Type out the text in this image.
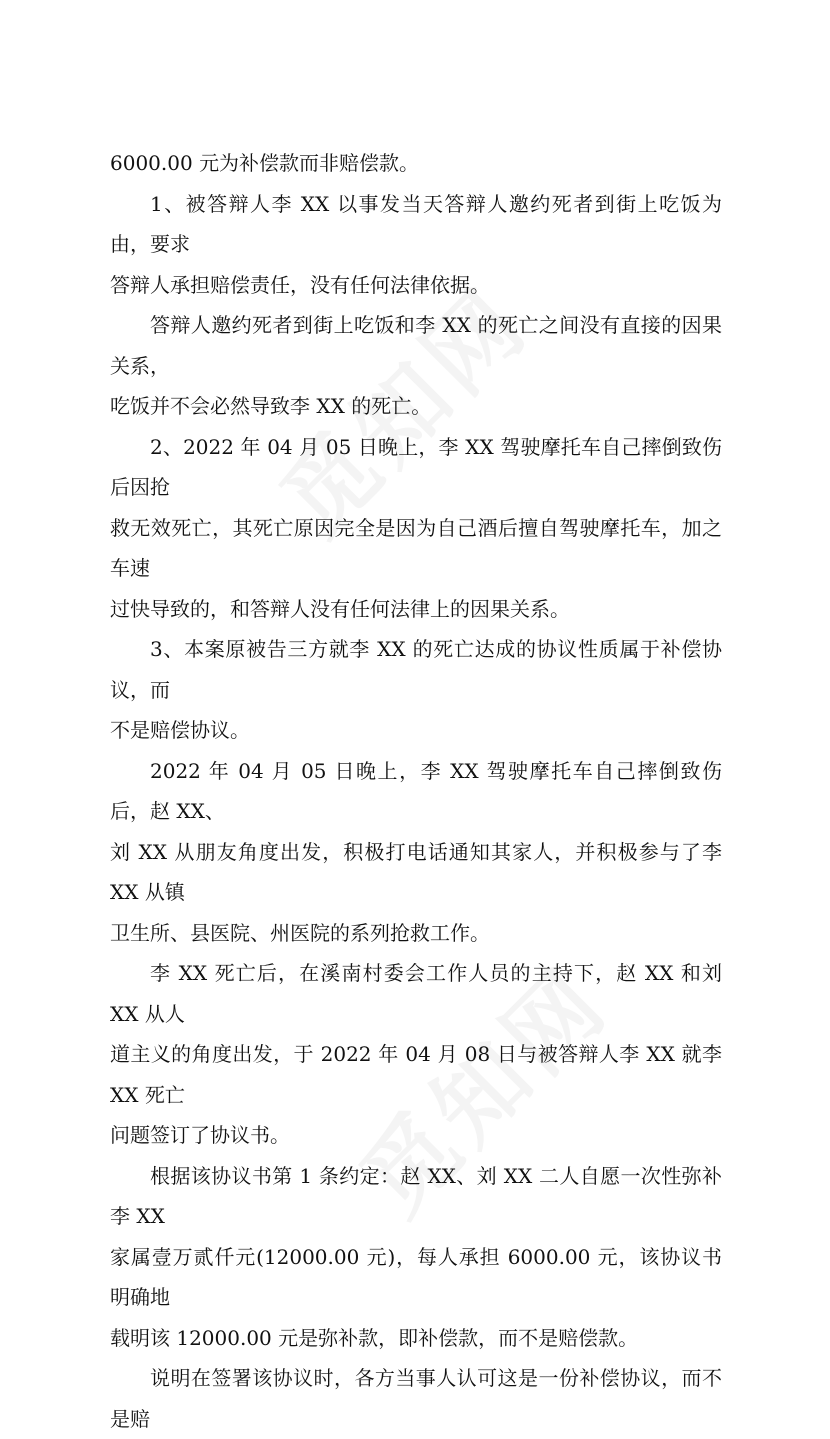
6000.00 元为补偿款而非赔偿款。

1、被答辩人李 XX 以事发当天答辩人邀约死者到街上吃饭为由，要求
答辩人承担赔偿责任，没有任何法律依据。

答辩人邀约死者到街上吃饭和李 XX 的死亡之间没有直接的因果关系，
吃饭并不会必然导致李 XX 的死亡。

2、2022 年 04 月 05 日晚上，李 XX 驾驶摩托车自己摔倒致伤后因抢
救无效死亡，其死亡原因完全是因为自己酒后擅自驾驶摩托车，加之车速
过快导致的，和答辩人没有任何法律上的因果关系。

3、本案原被告三方就李 XX 的死亡达成的协议性质属于补偿协议，而
不是赔偿协议。

2022 年 04 月 05 日晚上，李 XX 驾驶摩托车自己摔倒致伤后，赵 XX、
刘 XX 从朋友角度出发，积极打电话通知其家人，并积极参与了李 XX 从镇
卫生所、县医院、州医院的系列抢救工作。

李 XX 死亡后，在溪南村委会工作人员的主持下，赵 XX 和刘 XX 从人
道主义的角度出发，于 2022 年 04 月 08 日与被答辩人李 XX 就李 XX 死亡
问题签订了协议书。

根据该协议书第 1 条约定：赵 XX、刘 XX 二人自愿一次性弥补李 XX
家属壹万贰仟元(12000.00 元)，每人承担 6000.00 元，该协议书明确地
载明该 12000.00 元是弥补款，即补偿款，而不是赔偿款。

说明在签署该协议时，各方当事人认可这是一份补偿协议，而不是赔
